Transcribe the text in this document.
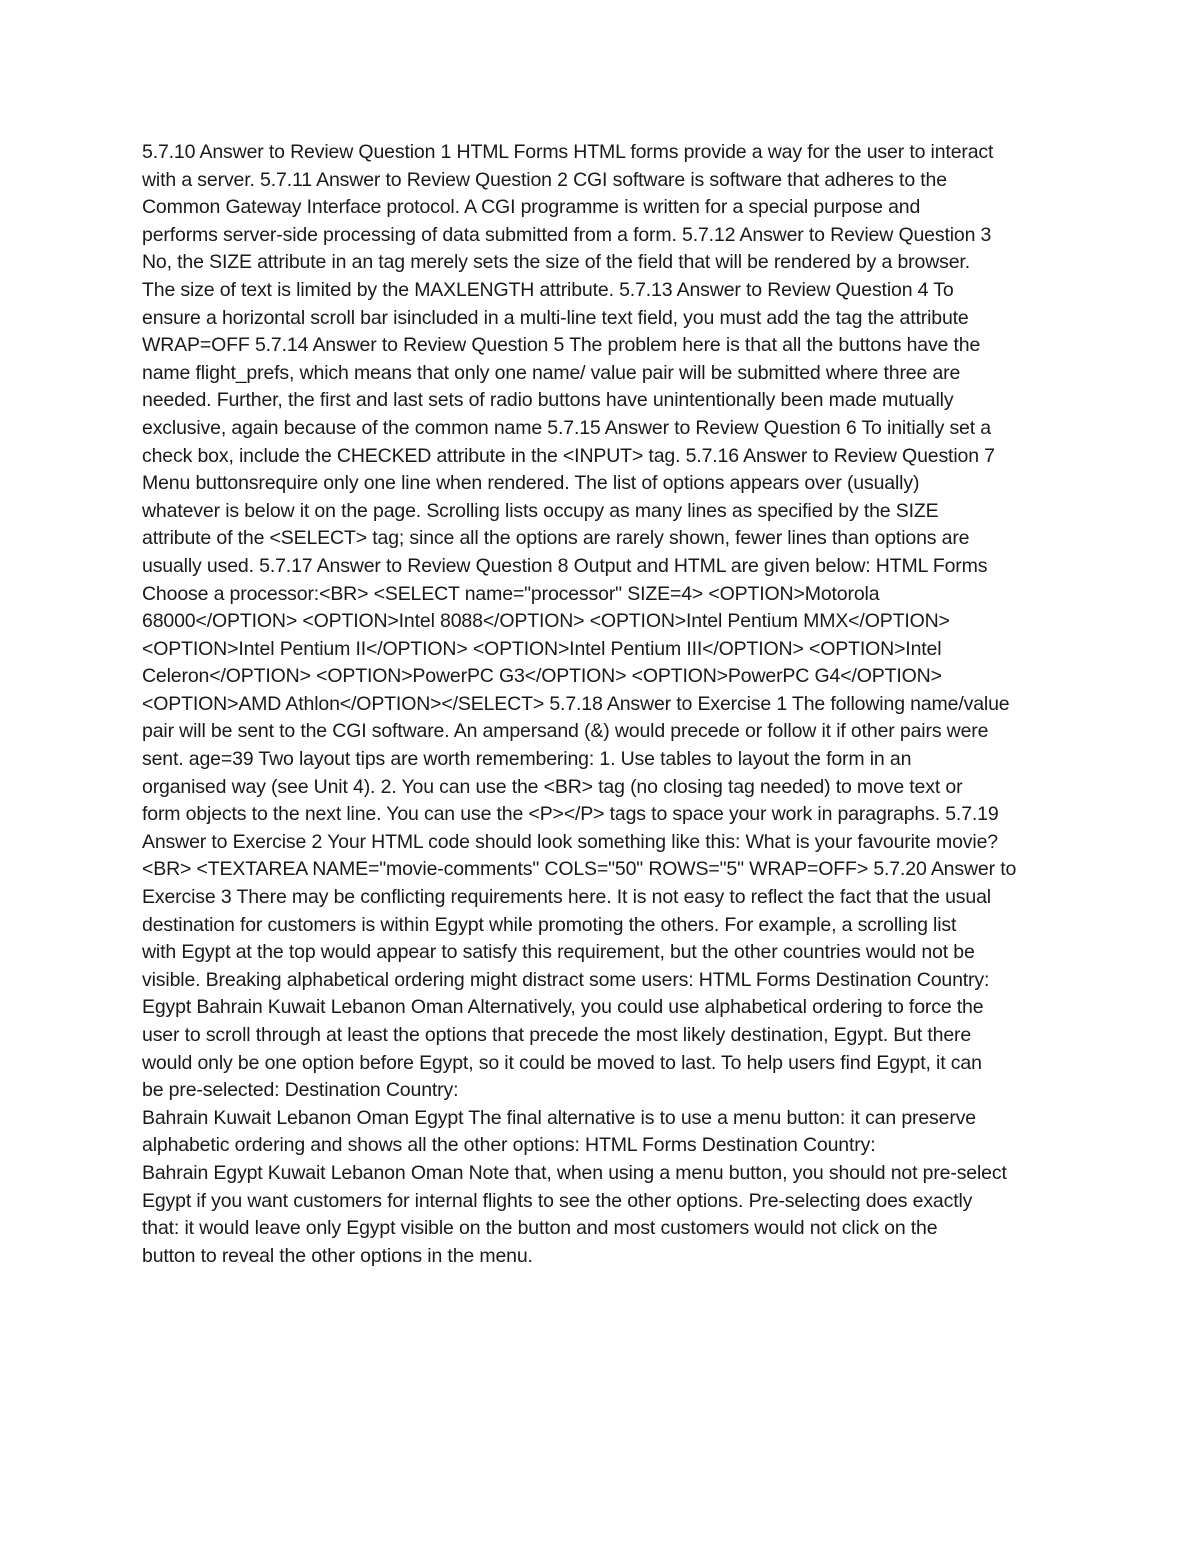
5.7.10 Answer to Review Question 1 HTML Forms HTML forms provide a way for the user to interact
with a server. 5.7.11 Answer to Review Question 2 CGI software is software that adheres to the
Common Gateway Interface protocol. A CGI programme is written for a special purpose and
performs server-side processing of data submitted from a form. 5.7.12 Answer to Review Question 3
No, the SIZE attribute in an tag merely sets the size of the field that will be rendered by a browser.
The size of text is limited by the MAXLENGTH attribute. 5.7.13 Answer to Review Question 4 To
ensure a horizontal scroll bar isincluded in a multi-line text field, you must add the tag the attribute
WRAP=OFF 5.7.14 Answer to Review Question 5 The problem here is that all the buttons have the
name flight_prefs, which means that only one name/ value pair will be submitted where three are
needed. Further, the first and last sets of radio buttons have unintentionally been made mutually
exclusive, again because of the common name 5.7.15 Answer to Review Question 6 To initially set a
check box, include the CHECKED attribute in the <INPUT> tag. 5.7.16 Answer to Review Question 7
Menu buttonsrequire only one line when rendered. The list of options appears over (usually)
whatever is below it on the page. Scrolling lists occupy as many lines as specified by the SIZE
attribute of the <SELECT> tag; since all the options are rarely shown, fewer lines than options are
usually used. 5.7.17 Answer to Review Question 8 Output and HTML are given below: HTML Forms
Choose a processor:<BR> <SELECT name="processor" SIZE=4> <OPTION>Motorola
68000</OPTION> <OPTION>Intel 8088</OPTION> <OPTION>Intel Pentium MMX</OPTION>
<OPTION>Intel Pentium II</OPTION> <OPTION>Intel Pentium III</OPTION> <OPTION>Intel
Celeron</OPTION> <OPTION>PowerPC G3</OPTION> <OPTION>PowerPC G4</OPTION>
<OPTION>AMD Athlon</OPTION></SELECT> 5.7.18 Answer to Exercise 1 The following name/value
pair will be sent to the CGI software. An ampersand (&) would precede or follow it if other pairs were
sent. age=39 Two layout tips are worth remembering: 1. Use tables to layout the form in an
organised way (see Unit 4). 2. You can use the <BR> tag (no closing tag needed) to move text or
form objects to the next line. You can use the <P></P> tags to space your work in paragraphs. 5.7.19
Answer to Exercise 2 Your HTML code should look something like this: What is your favourite movie?
<BR> <TEXTAREA NAME="movie-comments" COLS="50" ROWS="5" WRAP=OFF> 5.7.20 Answer to
Exercise 3 There may be conflicting requirements here. It is not easy to reflect the fact that the usual
destination for customers is within Egypt while promoting the others. For example, a scrolling list
with Egypt at the top would appear to satisfy this requirement, but the other countries would not be
visible. Breaking alphabetical ordering might distract some users: HTML Forms Destination Country:
Egypt Bahrain Kuwait Lebanon Oman Alternatively, you could use alphabetical ordering to force the
user to scroll through at least the options that precede the most likely destination, Egypt. But there
would only be one option before Egypt, so it could be moved to last. To help users find Egypt, it can
be pre-selected: Destination Country:
Bahrain Kuwait Lebanon Oman Egypt The final alternative is to use a menu button: it can preserve
alphabetic ordering and shows all the other options: HTML Forms Destination Country:
Bahrain Egypt Kuwait Lebanon Oman Note that, when using a menu button, you should not pre-select
Egypt if you want customers for internal flights to see the other options. Pre-selecting does exactly
that: it would leave only Egypt visible on the button and most customers would not click on the
button to reveal the other options in the menu.
